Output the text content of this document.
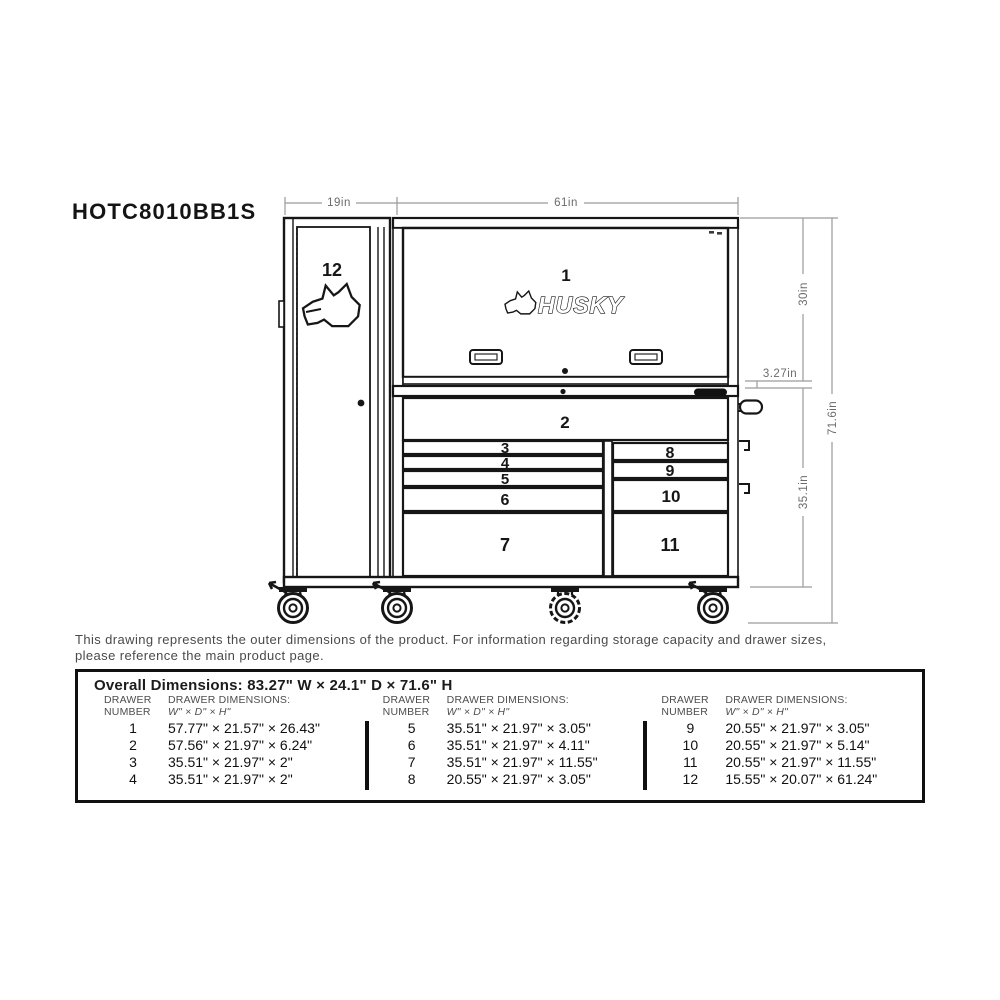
HOTC8010BB1S	19in	61in
30in
3.27in
35.1in
71.6in
12	1
HUSKY
2
3
4
5
6
7
8
9
10
11
This drawing represents the outer dimensions of the product. For information regarding storage capacity and drawer sizes,
please reference the main product page.
Overall Dimensions: 83.27" W × 24.1" D × 71.6" H
DRAWER
NUMBER
DRAWER DIMENSIONS:
W" × D" × H"
1	57.77" × 21.57" × 26.43"
2	57.56" × 21.97" × 6.24"
3	35.51" × 21.97" × 2"
4	35.51" × 21.97" × 2"
DRAWER
NUMBER
DRAWER DIMENSIONS:
W" × D" × H"
5	35.51" × 21.97" × 3.05"
6	35.51" × 21.97" × 4.11"
7	35.51" × 21.97" × 11.55"
8	20.55" × 21.97" × 3.05"
DRAWER
NUMBER
DRAWER DIMENSIONS:
W" × D" × H"
9	20.55" × 21.97" × 3.05"
10	20.55" × 21.97" × 5.14"
11	20.55" × 21.97" × 11.55"
12	15.55" × 20.07" × 61.24"
